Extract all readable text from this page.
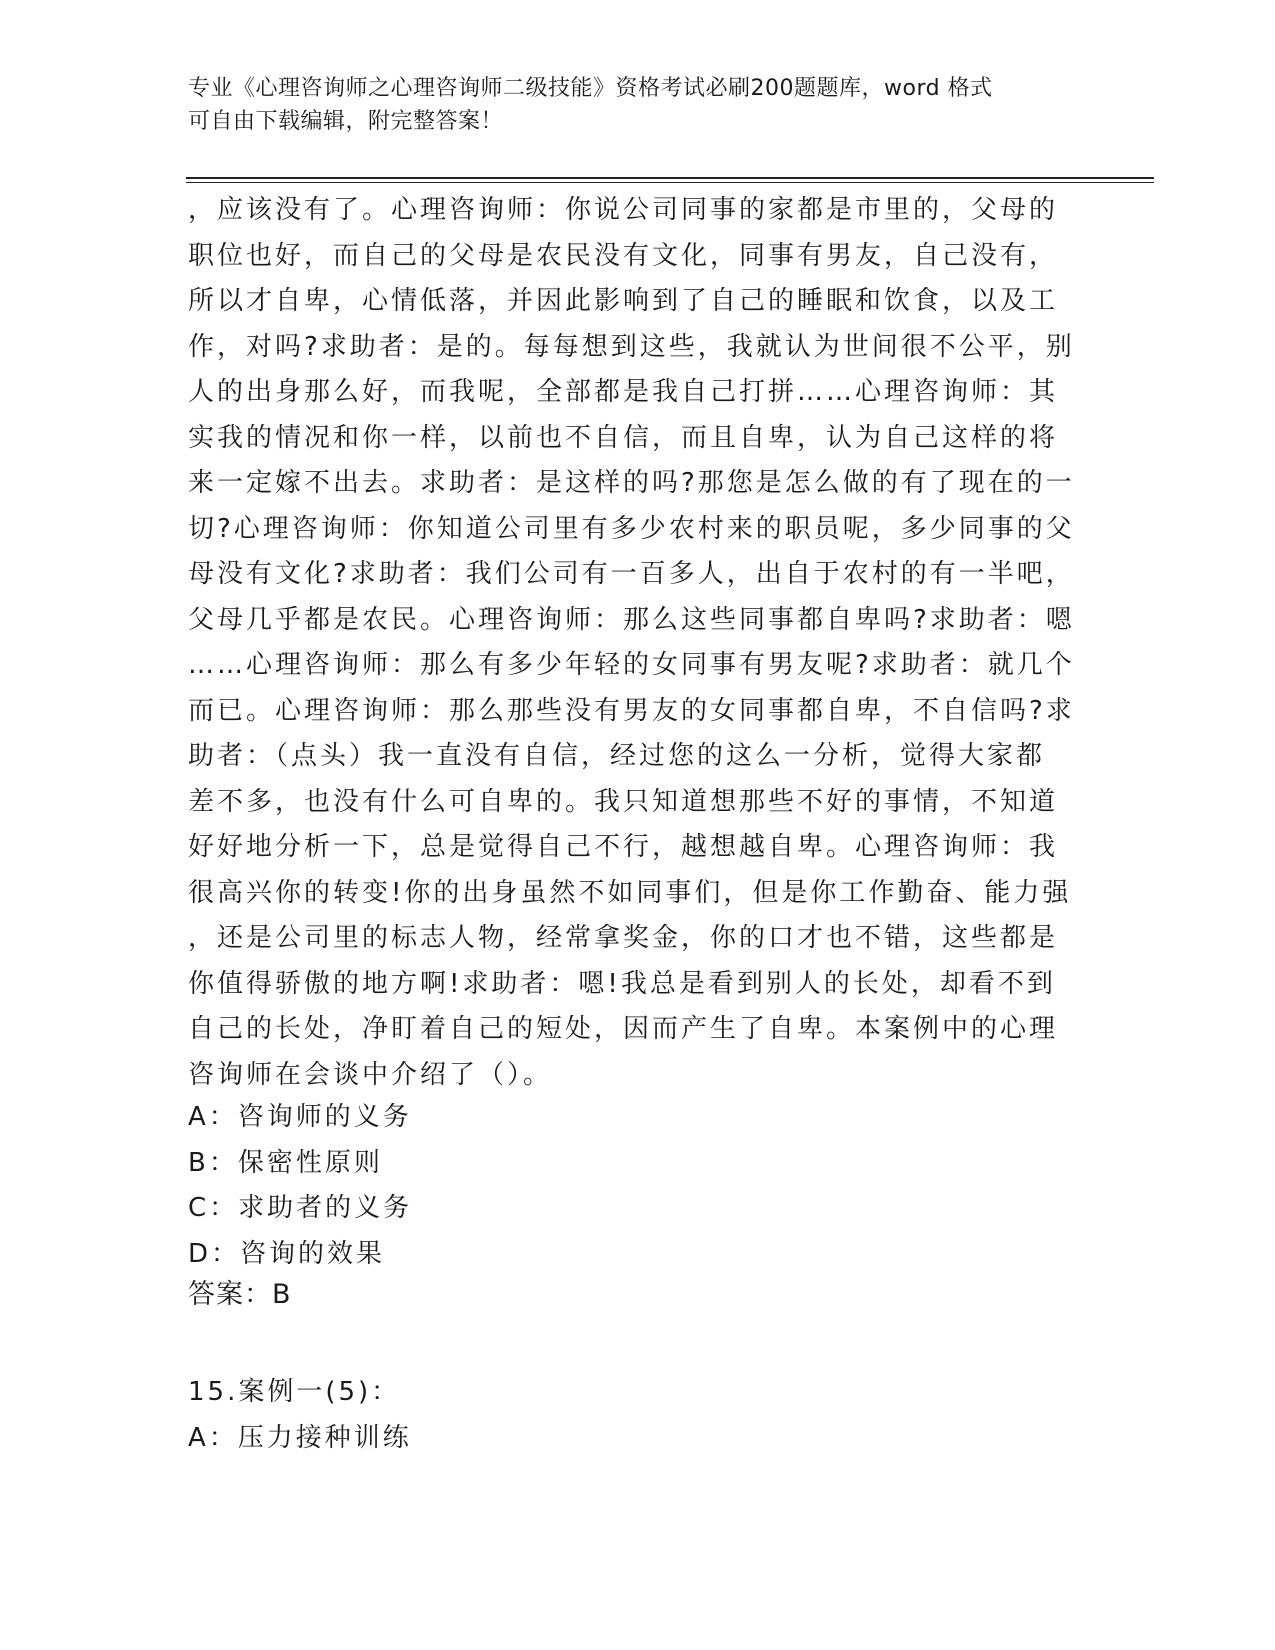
专业《心理咨询师之心理咨询师二级技能》资格考试必刷200题题库，word 格式
可自由下载编辑，附完整答案！
，应该没有了。心理咨询师：你说公司同事的家都是市里的，父母的
职位也好，而自己的父母是农民没有文化，同事有男友，自己没有，
所以才自卑，心情低落，并因此影响到了自己的睡眠和饮食，以及工
作，对吗?求助者：是的。每每想到这些，我就认为世间很不公平，别
人的出身那么好，而我呢，全部都是我自己打拼……心理咨询师：其
实我的情况和你一样，以前也不自信，而且自卑，认为自己这样的将
来一定嫁不出去。求助者：是这样的吗?那您是怎么做的有了现在的一
切?心理咨询师：你知道公司里有多少农村来的职员呢，多少同事的父
母没有文化?求助者：我们公司有一百多人，出自于农村的有一半吧，
父母几乎都是农民。心理咨询师：那么这些同事都自卑吗?求助者：嗯
……心理咨询师：那么有多少年轻的女同事有男友呢?求助者：就几个
而已。心理咨询师：那么那些没有男友的女同事都自卑，不自信吗?求
助者：（点头）我一直没有自信，经过您的这么一分析，觉得大家都
差不多，也没有什么可自卑的。我只知道想那些不好的事情，不知道
好好地分析一下，总是觉得自己不行，越想越自卑。心理咨询师：我
很高兴你的转变!你的出身虽然不如同事们，但是你工作勤奋、能力强
，还是公司里的标志人物，经常拿奖金，你的口才也不错，这些都是
你值得骄傲的地方啊!求助者：嗯!我总是看到别人的长处，却看不到
自己的长处，净盯着自己的短处，因而产生了自卑。本案例中的心理
咨询师在会谈中介绍了（）。
A：咨询师的义务
B：保密性原则
C：求助者的义务
D：咨询的效果
答案：B
15.案例一(5)：
A：压力接种训练
